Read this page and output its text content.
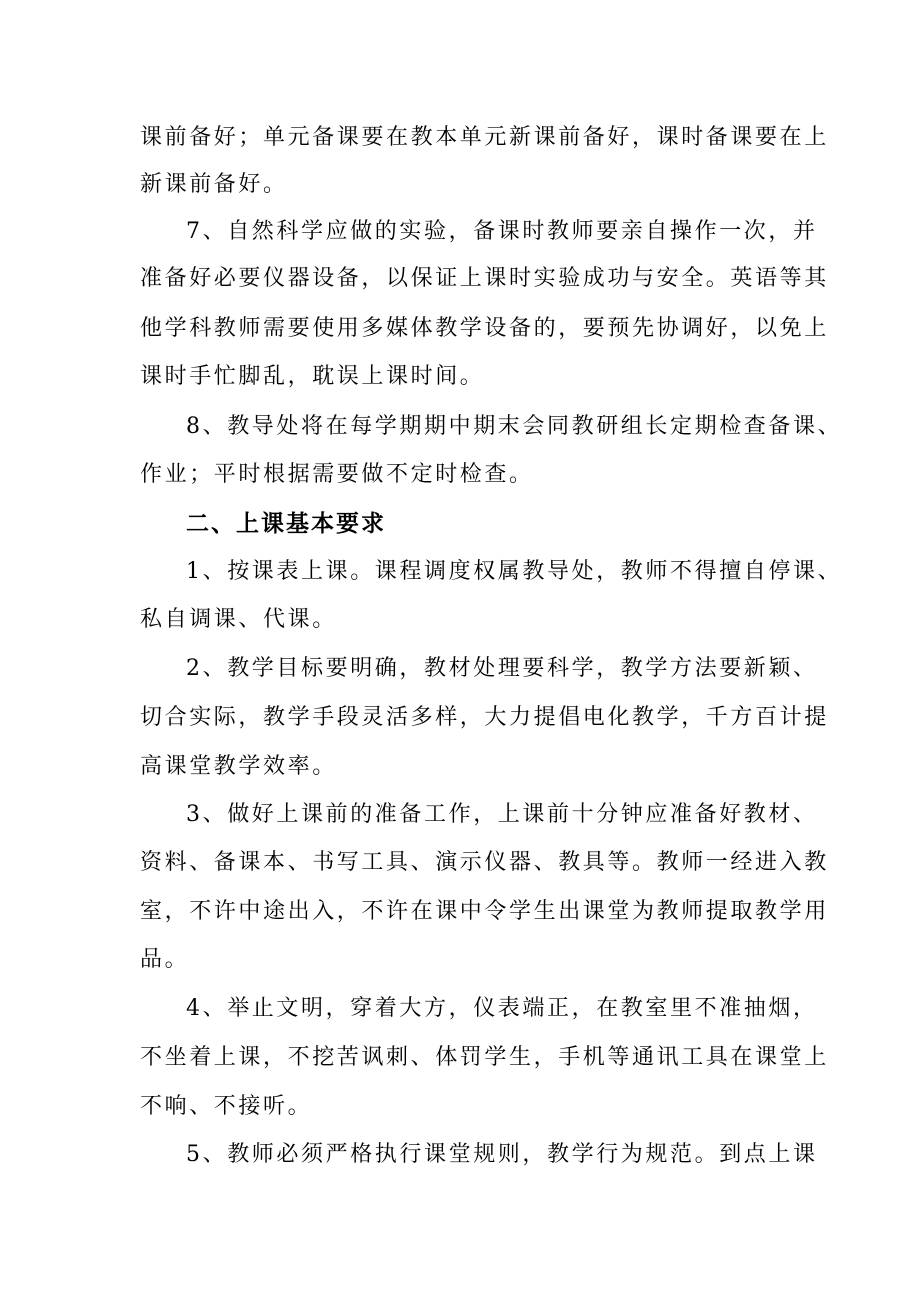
课前备好；单元备课要在教本单元新课前备好，课时备课要在上
新课前备好。
7、自然科学应做的实验，备课时教师要亲自操作一次，并
准备好必要仪器设备，以保证上课时实验成功与安全。英语等其
他学科教师需要使用多媒体教学设备的，要预先协调好，以免上
课时手忙脚乱，耽误上课时间。
8、教导处将在每学期期中期末会同教研组长定期检查备课、
作业；平时根据需要做不定时检查。
二、上课基本要求
1、按课表上课。课程调度权属教导处，教师不得擅自停课、
私自调课、代课。
2、教学目标要明确，教材处理要科学，教学方法要新颖、
切合实际，教学手段灵活多样，大力提倡电化教学，千方百计提
高课堂教学效率。
3、做好上课前的准备工作，上课前十分钟应准备好教材、
资料、备课本、书写工具、演示仪器、教具等。教师一经进入教
室，不许中途出入，不许在课中令学生出课堂为教师提取教学用
品。
4、举止文明，穿着大方，仪表端正，在教室里不准抽烟，
不坐着上课，不挖苦讽刺、体罚学生，手机等通讯工具在课堂上
不响、不接听。
5、教师必须严格执行课堂规则，教学行为规范。到点上课
